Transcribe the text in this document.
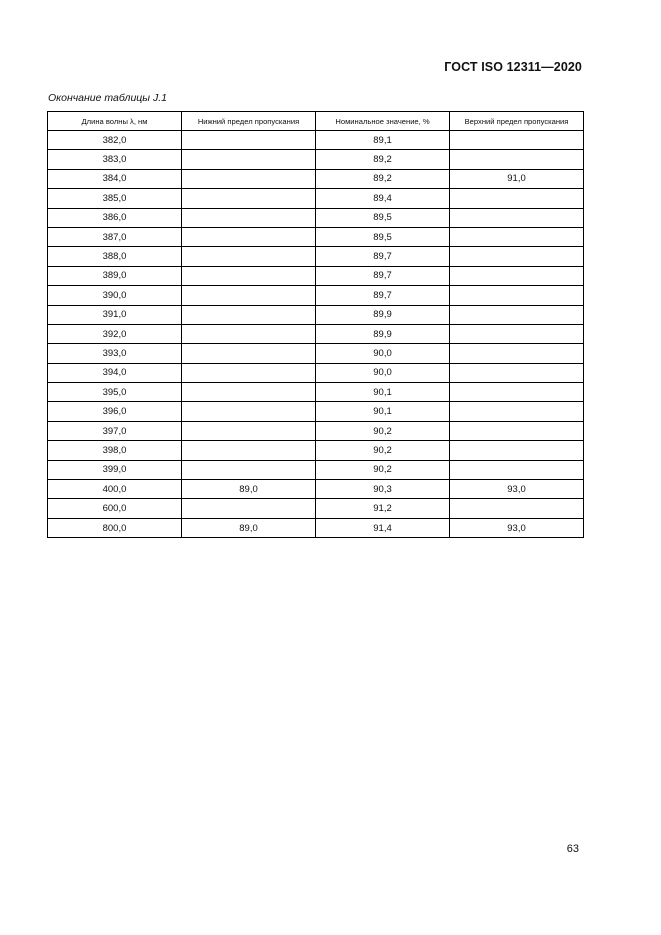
ГОСТ ISO 12311—2020
Окончание таблицы J.1
Длина волны λ, нм	Нижний предел пропускания	Номинальное значение, %	Верхний предел пропускания
382,0		89,1	
383,0		89,2	
384,0		89,2	91,0
385,0		89,4	
386,0		89,5	
387,0		89,5	
388,0		89,7	
389,0		89,7	
390,0		89,7	
391,0		89,9	
392,0		89,9	
393,0		90,0	
394,0		90,0	
395,0		90,1	
396,0		90,1	
397,0		90,2	
398,0		90,2	
399,0		90,2	
400,0	89,0	90,3	93,0
600,0		91,2	
800,0	89,0	91,4	93,0
63
